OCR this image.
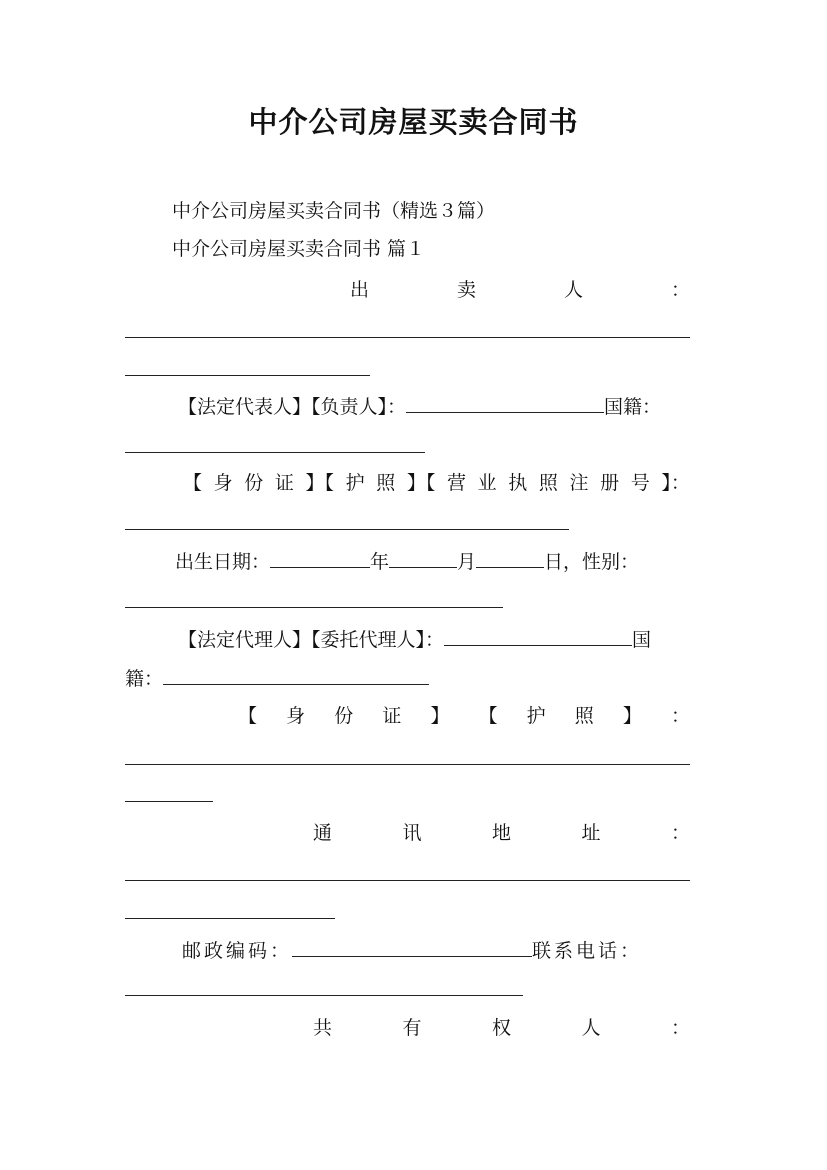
中介公司房屋买卖合同书
中介公司房屋买卖合同书（精选３篇）
中介公司房屋买卖合同书 篇１
出	卖	人	：
【法定代表人】【负责人】：	国籍：
【 身 份 证 】【 护 照 】【 营 业 执 照 注 册 号 】：
出生日期：	年	月	日，性别：
【法定代理人】【委托代理人】：	国
籍：
【 身 份 证 】 【 护 照 】 ：
通	讯	地	址	：
邮政编码：	联系电话：
共	有	权	人	：
